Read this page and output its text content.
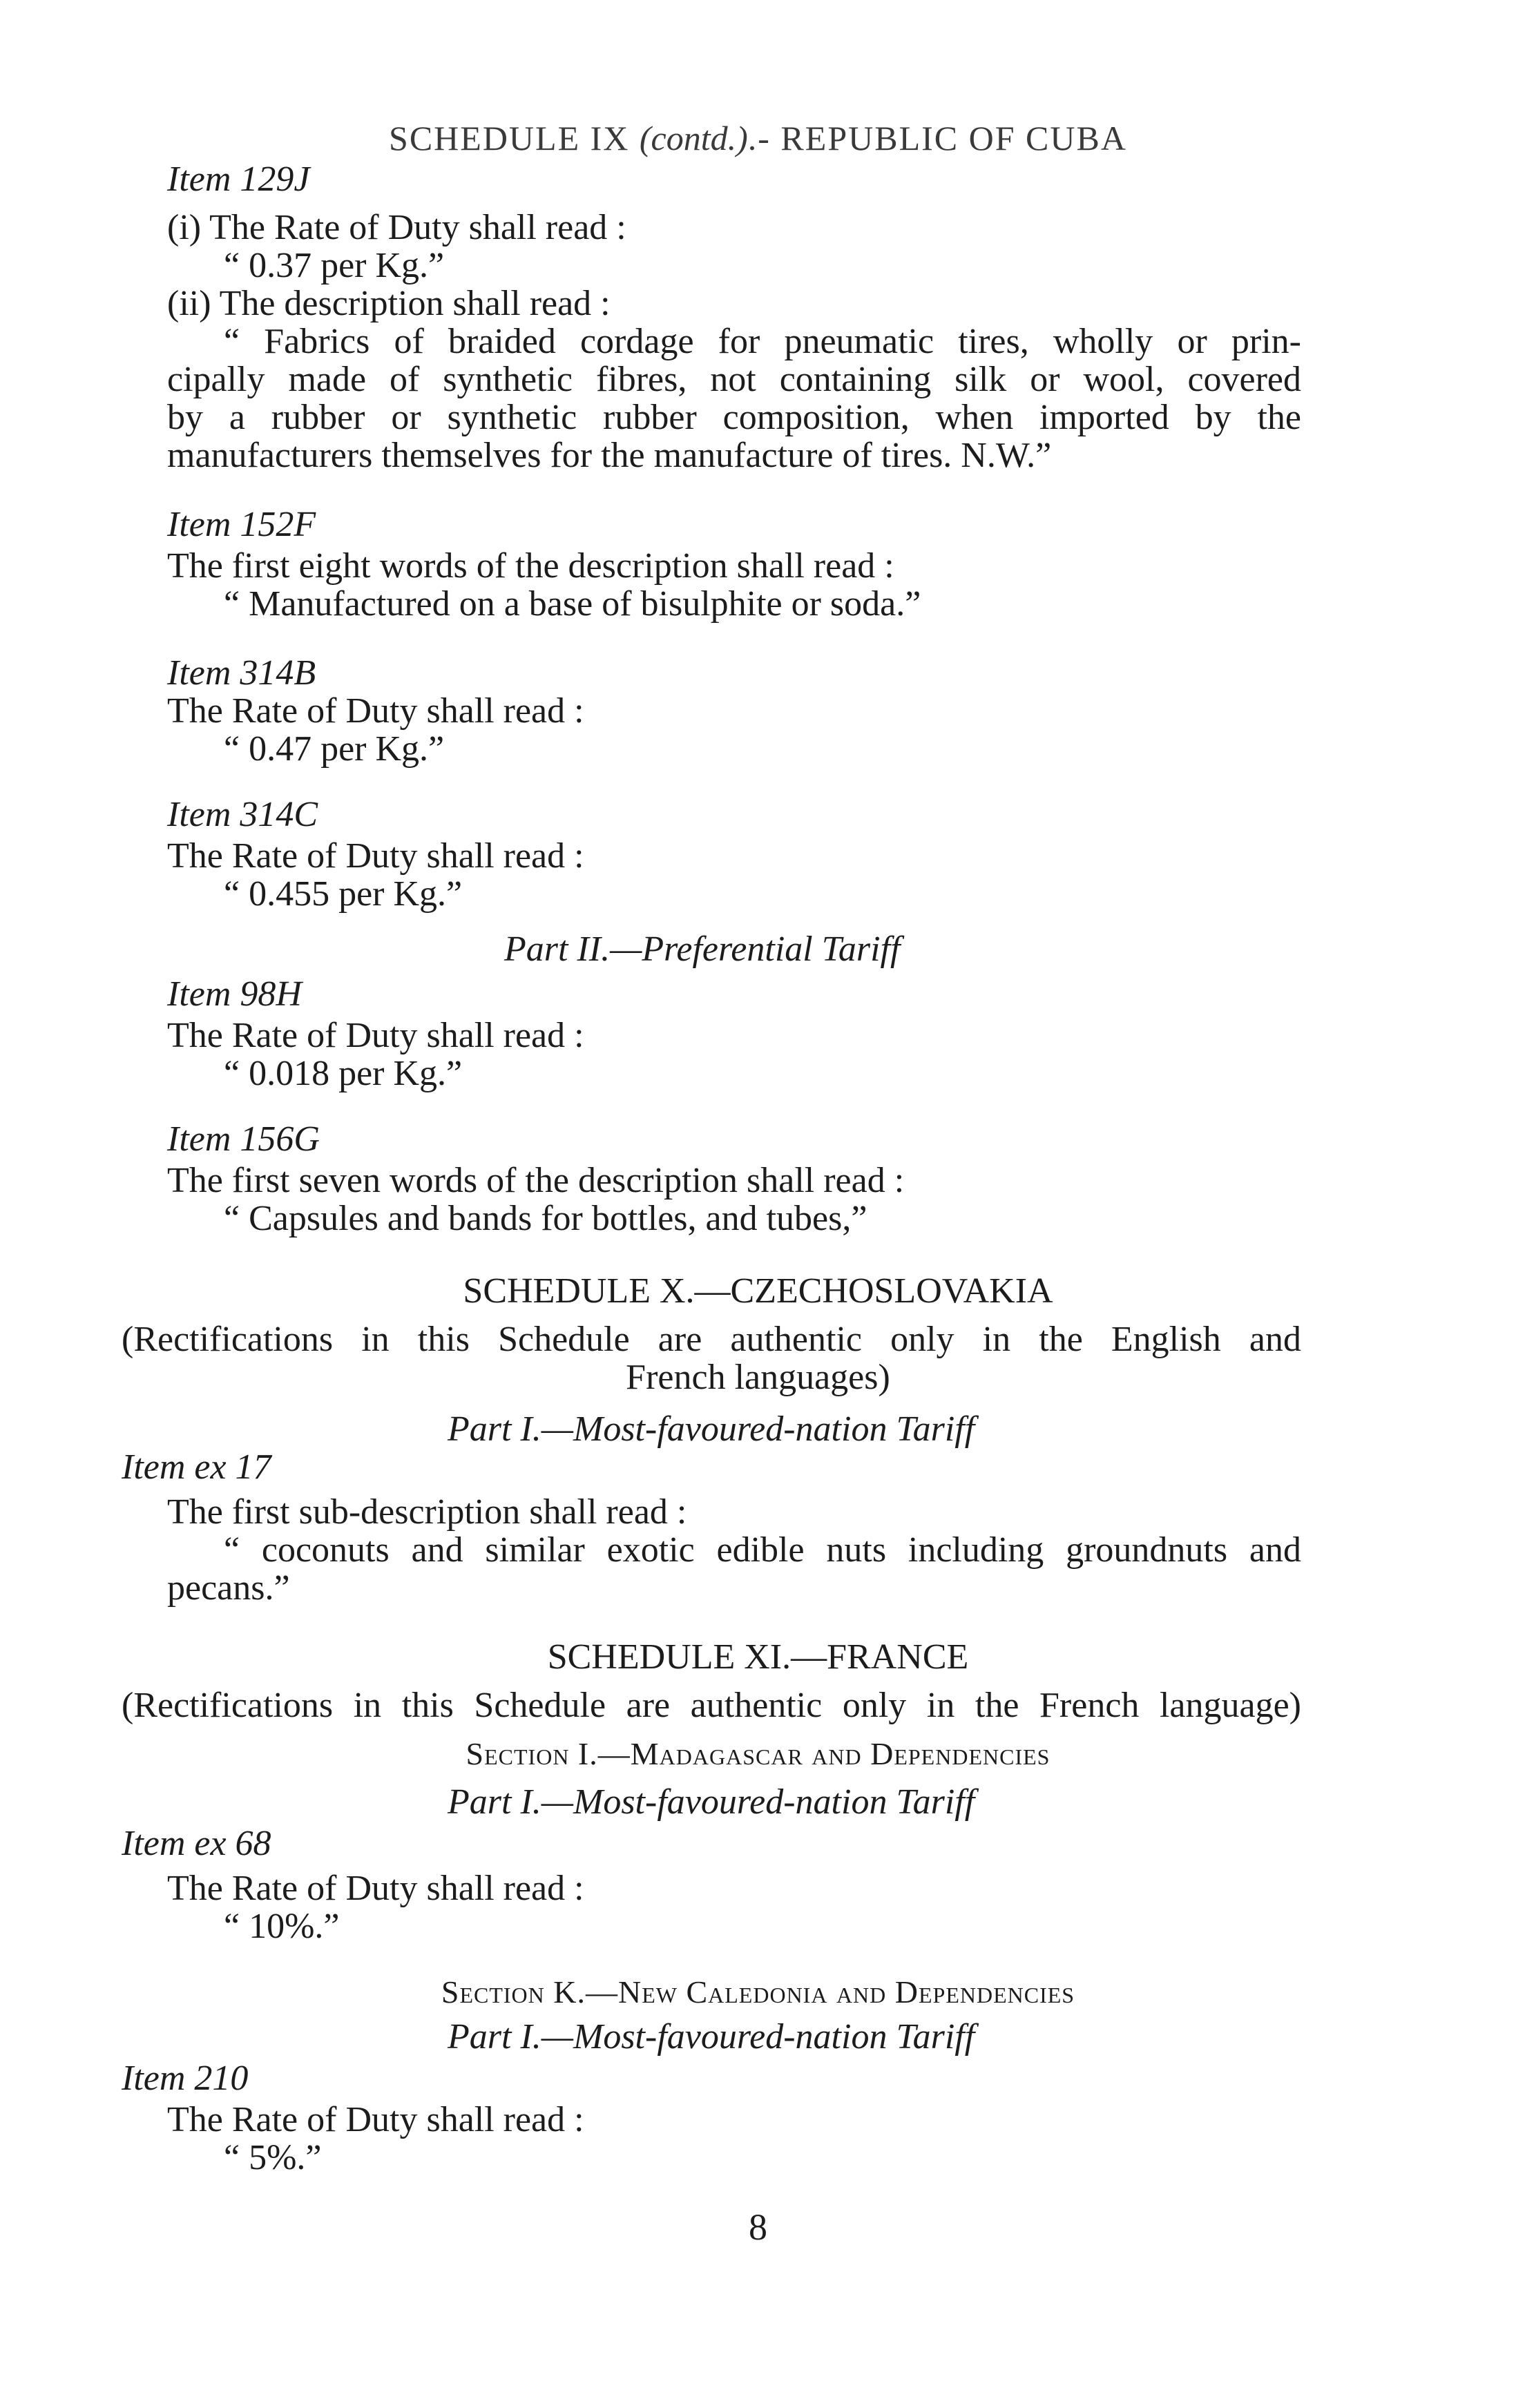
SCHEDULE IX (contd.).- REPUBLIC OF CUBA
Item 129J
(i) The Rate of Duty shall read :
“ 0.37 per Kg.”
(ii) The description shall read :
“ Fabrics of braided cordage for pneumatic tires, wholly or prin-
cipally made of synthetic fibres, not containing silk or wool, covered
by a rubber or synthetic rubber composition, when imported by the
manufacturers themselves for the manufacture of tires. N.W.”
Item 152F
The first eight words of the description shall read :
“ Manufactured on a base of bisulphite or soda.”
Item 314B
The Rate of Duty shall read :
“ 0.47 per Kg.”
Item 314C
The Rate of Duty shall read :
“ 0.455 per Kg.”
Part II.—Preferential Tariff
Item 98H
The Rate of Duty shall read :
“ 0.018 per Kg.”
Item 156G
The first seven words of the description shall read :
“ Capsules and bands for bottles, and tubes,”
SCHEDULE X.—CZECHOSLOVAKIA
(Rectifications in this Schedule are authentic only in the English and
French languages)
Part I.—Most-favoured-nation Tariff
Item ex 17
The first sub-description shall read :
“ coconuts and similar exotic edible nuts including groundnuts and
pecans.”
SCHEDULE XI.—FRANCE
(Rectifications in this Schedule are authentic only in the French language)
Section I.—Madagascar and Dependencies
Part I.—Most-favoured-nation Tariff
Item ex 68
The Rate of Duty shall read :
“ 10%.”
Section K.—New Caledonia and Dependencies
Part I.—Most-favoured-nation Tariff
Item 210
The Rate of Duty shall read :
“ 5%.”
8
